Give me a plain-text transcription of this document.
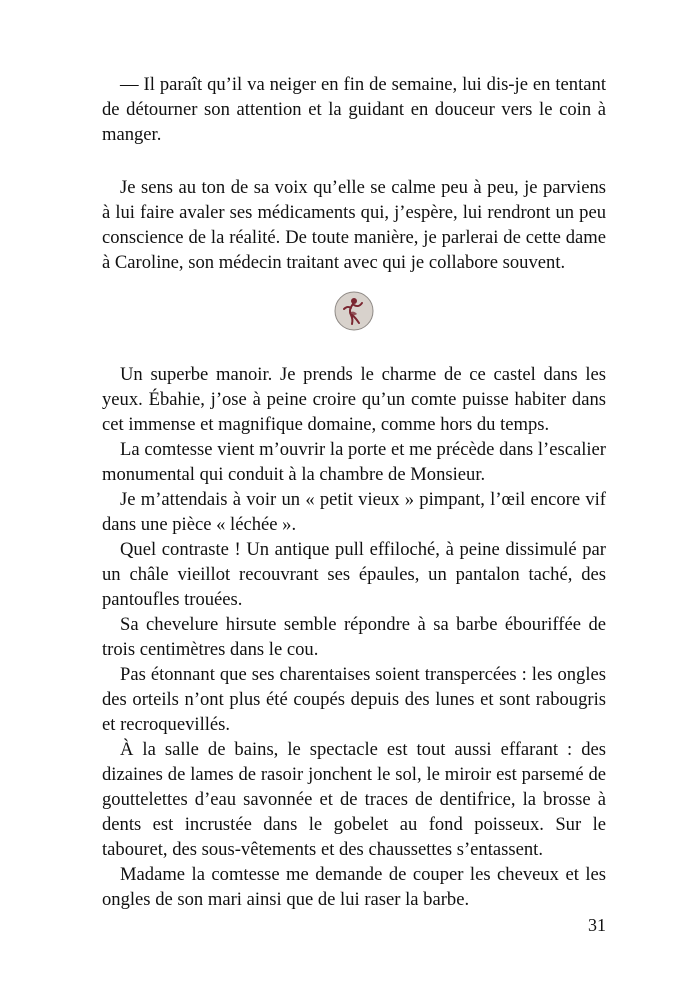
— Il paraît qu’il va neiger en fin de semaine, lui dis-je en tentant de détourner son attention et la guidant en douceur vers le coin à manger.

Je sens au ton de sa voix qu’elle se calme peu à peu, je parviens à lui faire avaler ses médicaments qui, j’espère, lui rendront un peu conscience de la réalité. De toute manière, je parlerai de cette dame à Caroline, son médecin traitant avec qui je collabore souvent.

Un superbe manoir. Je prends le charme de ce castel dans les yeux. Ébahie, j’ose à peine croire qu’un comte puisse habiter dans cet immense et magnifique domaine, comme hors du temps.

La comtesse vient m’ouvrir la porte et me précède dans l’escalier monumental qui conduit à la chambre de Monsieur.

Je m’attendais à voir un « petit vieux » pimpant, l’œil encore vif dans une pièce « léchée ».

Quel contraste ! Un antique pull effiloché, à peine dissimulé par un châle vieillot recouvrant ses épaules, un pantalon taché, des pantoufles trouées.

Sa chevelure hirsute semble répondre à sa barbe ébouriffée de trois centimètres dans le cou.

Pas étonnant que ses charentaises soient transpercées : les ongles des orteils n’ont plus été coupés depuis des lunes et sont rabougris et recroquevillés.

À la salle de bains, le spectacle est tout aussi effarant : des dizaines de lames de rasoir jonchent le sol, le miroir est parsemé de gouttelettes d’eau savonnée et de traces de dentifrice, la brosse à dents est incrustée dans le gobelet au fond poisseux. Sur le tabouret, des sous-vêtements et des chaussettes s’entassent.

Madame la comtesse me demande de couper les cheveux et les ongles de son mari ainsi que de lui raser la barbe.

31
